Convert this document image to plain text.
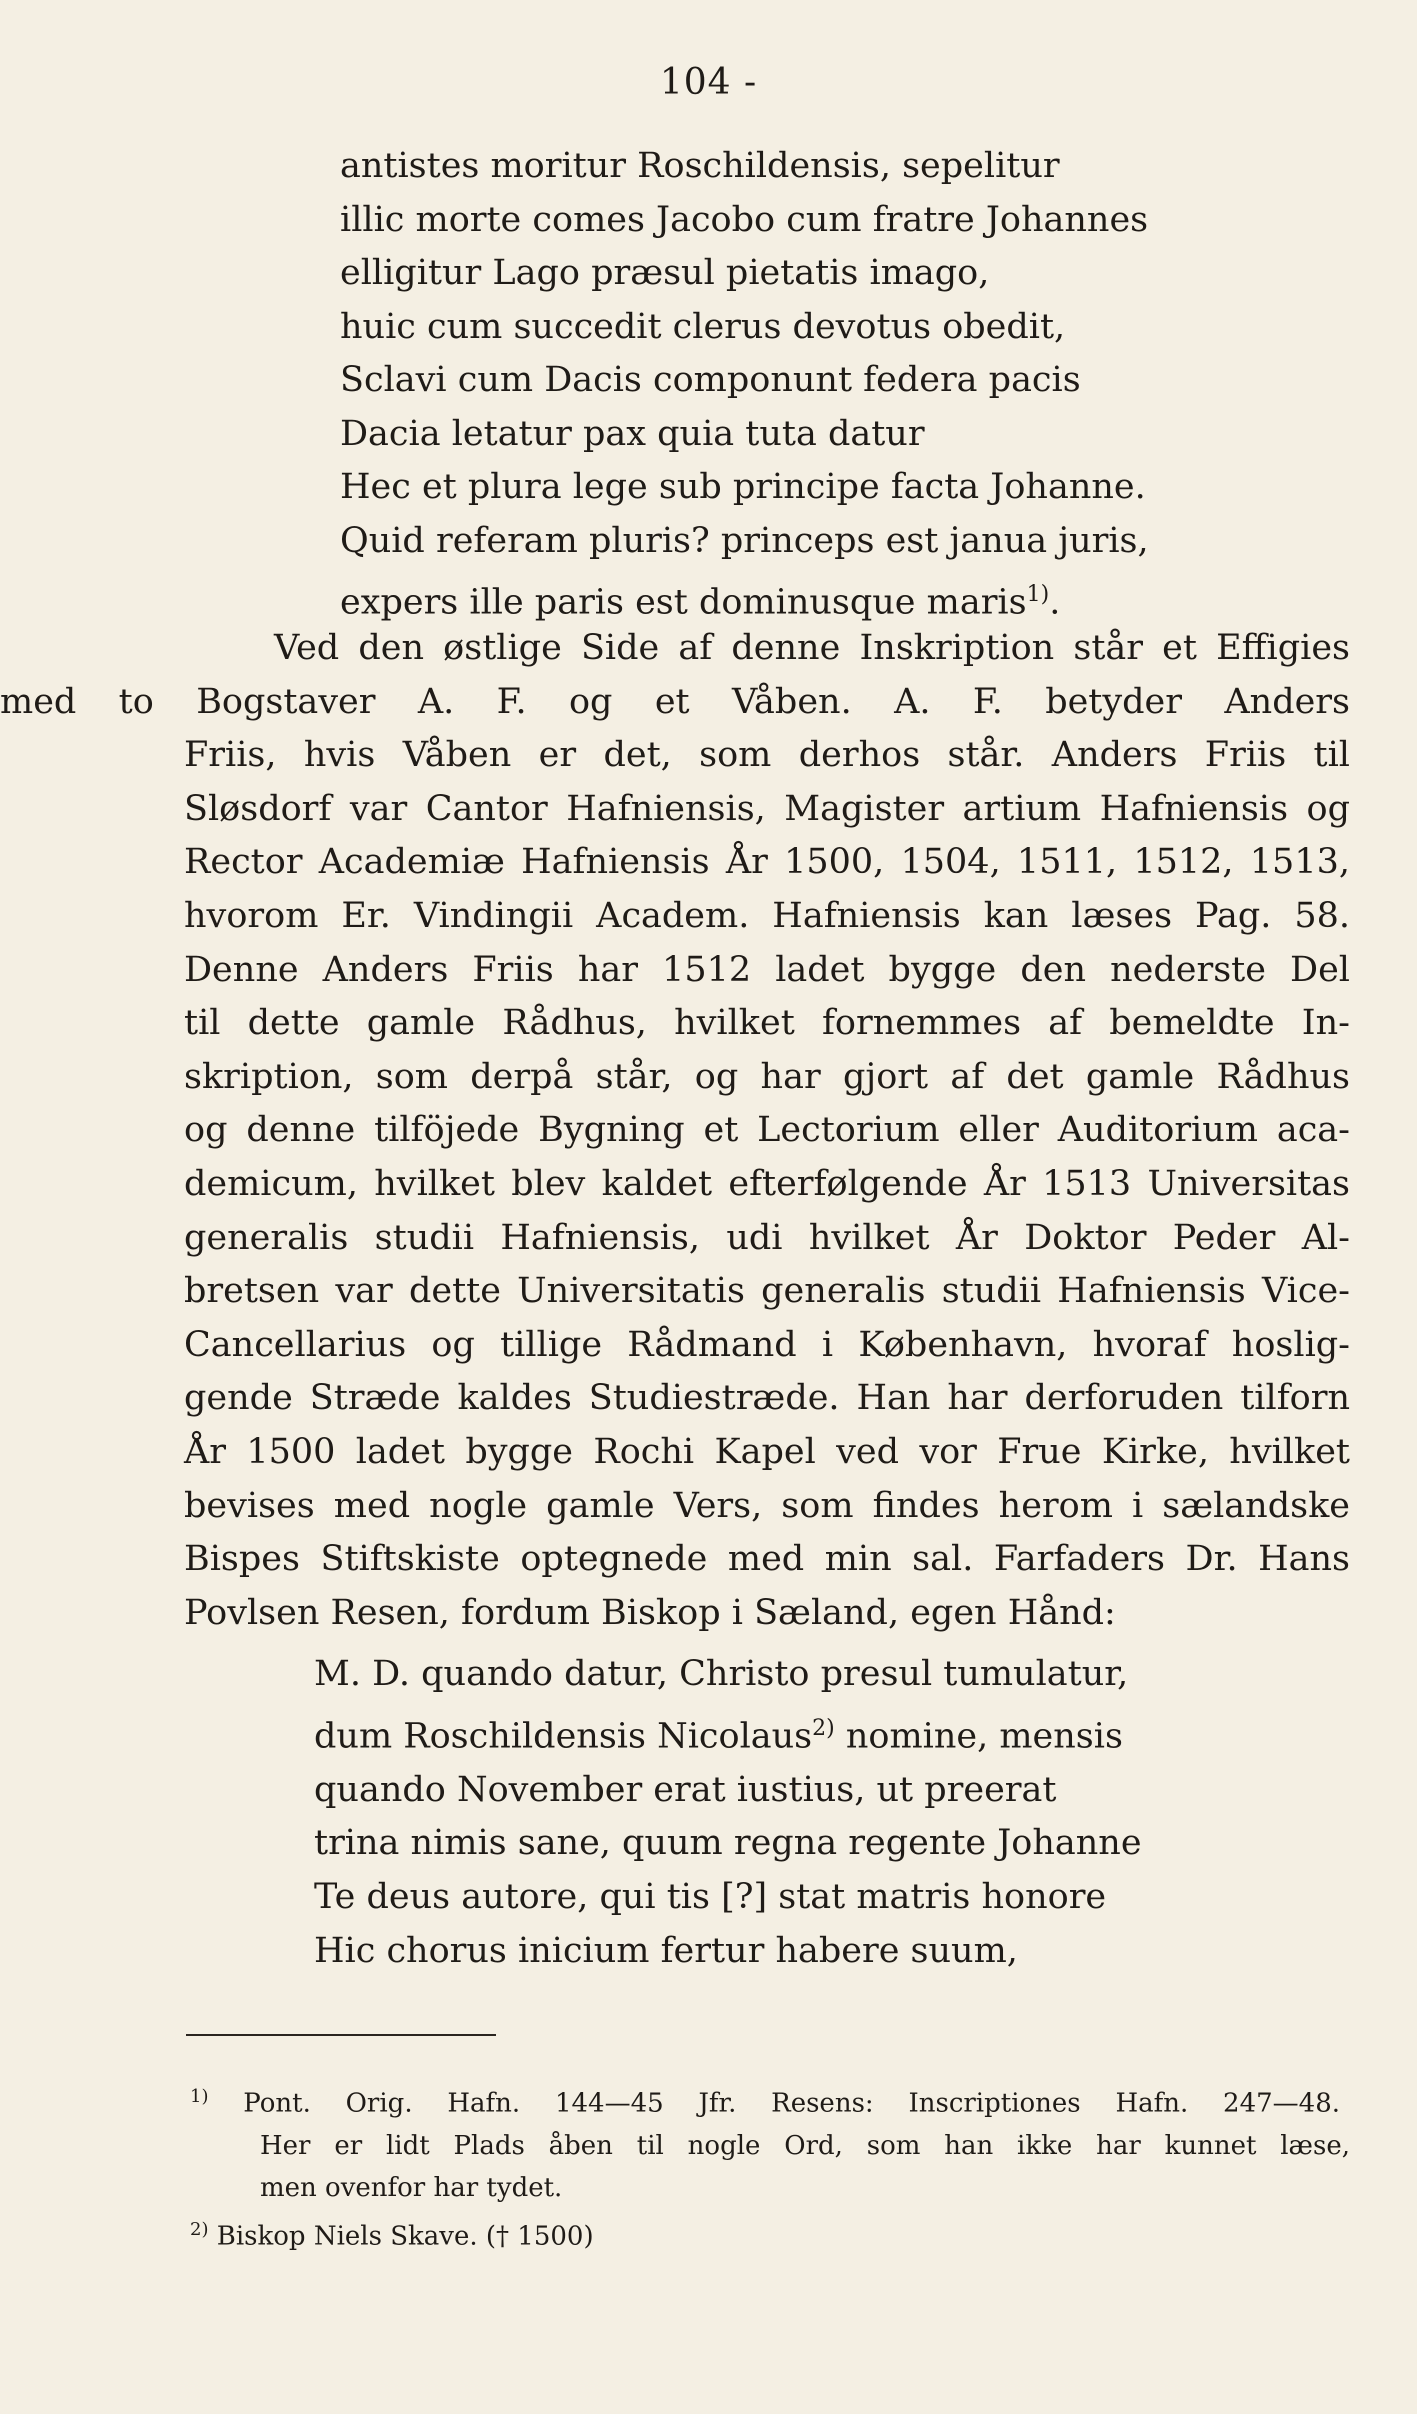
104 -
antistes moritur Roschildensis, sepelitur
illic morte comes Jacobo cum fratre Johannes
elligitur Lago præsul pietatis imago,
huic cum succedit clerus devotus obedit,
Sclavi cum Dacis componunt federa pacis
Dacia letatur pax quia tuta datur
Hec et plura lege sub principe facta Johanne.
Quid referam pluris? princeps est janua juris,
expers ille paris est dominusque maris$^{1)}$.
Ved den østlige Side af denne Inskription står et Effigies
med to Bogstaver A. F. og et Våben. A. F. betyder Anders
Friis, hvis Våben er det, som derhos står. Anders Friis til
Sløsdorf var Cantor Hafniensis, Magister artium Hafniensis og
Rector Academiæ Hafniensis År 1500, 1504, 1511, 1512, 1513,
hvorom Er. Vindingii Academ. Hafniensis kan læses Pag. 58.
Denne Anders Friis har 1512 ladet bygge den nederste Del
til dette gamle Rådhus, hvilket fornemmes af bemeldte In-
skription, som derpå står, og har gjort af det gamle Rådhus
og denne tilföjede Bygning et Lectorium eller Auditorium aca-
demicum, hvilket blev kaldet efterfølgende År 1513 Universitas
generalis studii Hafniensis, udi hvilket År Doktor Peder Al-
bretsen var dette Universitatis generalis studii Hafniensis Vice-
Cancellarius og tillige Rådmand i København, hvoraf hoslig-
gende Stræde kaldes Studiestræde. Han har derforuden tilforn
År 1500 ladet bygge Rochi Kapel ved vor Frue Kirke, hvilket
bevises med nogle gamle Vers, som findes herom i sælandske
Bispes Stiftskiste optegnede med min sal. Farfaders Dr. Hans
Povlsen Resen, fordum Biskop i Sæland, egen Hånd:
M. D. quando datur, Christo presul tumulatur,
dum Roschildensis Nicolaus$^{2)}$ nomine, mensis
quando November erat iustius, ut preerat
trina nimis sane, quum regna regente Johanne
Te deus autore, qui tis [?] stat matris honore
Hic chorus inicium fertur habere suum,
$^{1)}$ Pont. Orig. Hafn. 144—45 Jfr. Resens: Inscriptiones Hafn. 247—48.
Her er lidt Plads åben til nogle Ord, som han ikke har kunnet læse,
men ovenfor har tydet.
$^{2)}$ Biskop Niels Skave. († 1500)
